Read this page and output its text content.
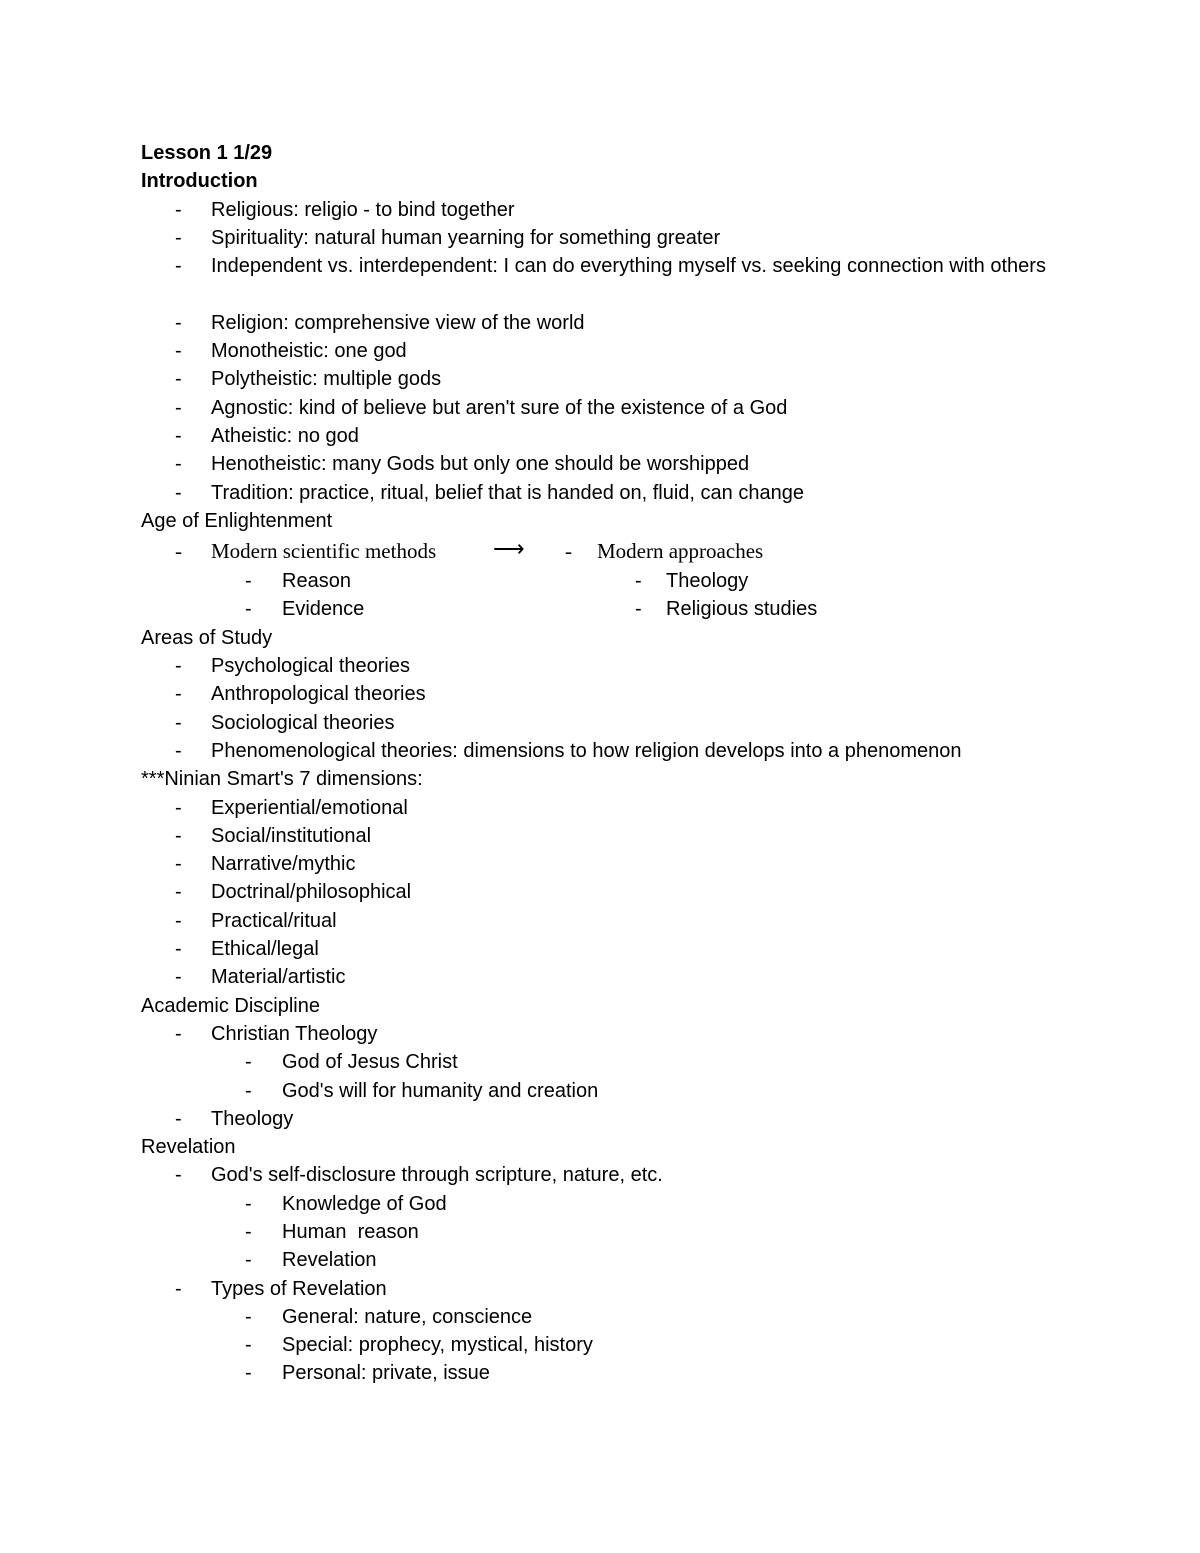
Lesson 1 1/29
Introduction
-	Religious: religio - to bind together
-	Spirituality: natural human yearning for something greater
-	Independent vs. interdependent: I can do everything myself vs. seeking connection with others
-	Religion: comprehensive view of the world
-	Monotheistic: one god
-	Polytheistic: multiple gods
-	Agnostic: kind of believe but aren't sure of the existence of a God
-	Atheistic: no god
-	Henotheistic: many Gods but only one should be worshipped
-	Tradition: practice, ritual, belief that is handed on, fluid, can change
Age of Enlightenment
-	Modern scientific methods	⟶ - Modern approaches
-	Reason	- Theology
-	Evidence	- Religious studies
Areas of Study
-	Psychological theories
-	Anthropological theories
-	Sociological theories
-	Phenomenological theories: dimensions to how religion develops into a phenomenon
***Ninian Smart's 7 dimensions:
-	Experiential/emotional
-	Social/institutional
-	Narrative/mythic
-	Doctrinal/philosophical
-	Practical/ritual
-	Ethical/legal
-	Material/artistic
Academic Discipline
-	Christian Theology
-	God of Jesus Christ
-	God's will for humanity and creation
-	Theology
Revelation
-	God's self-disclosure through scripture, nature, etc.
-	Knowledge of God
-	Human  reason
-	Revelation
-	Types of Revelation
-	General: nature, conscience
-	Special: prophecy, mystical, history
-	Personal: private, issue
